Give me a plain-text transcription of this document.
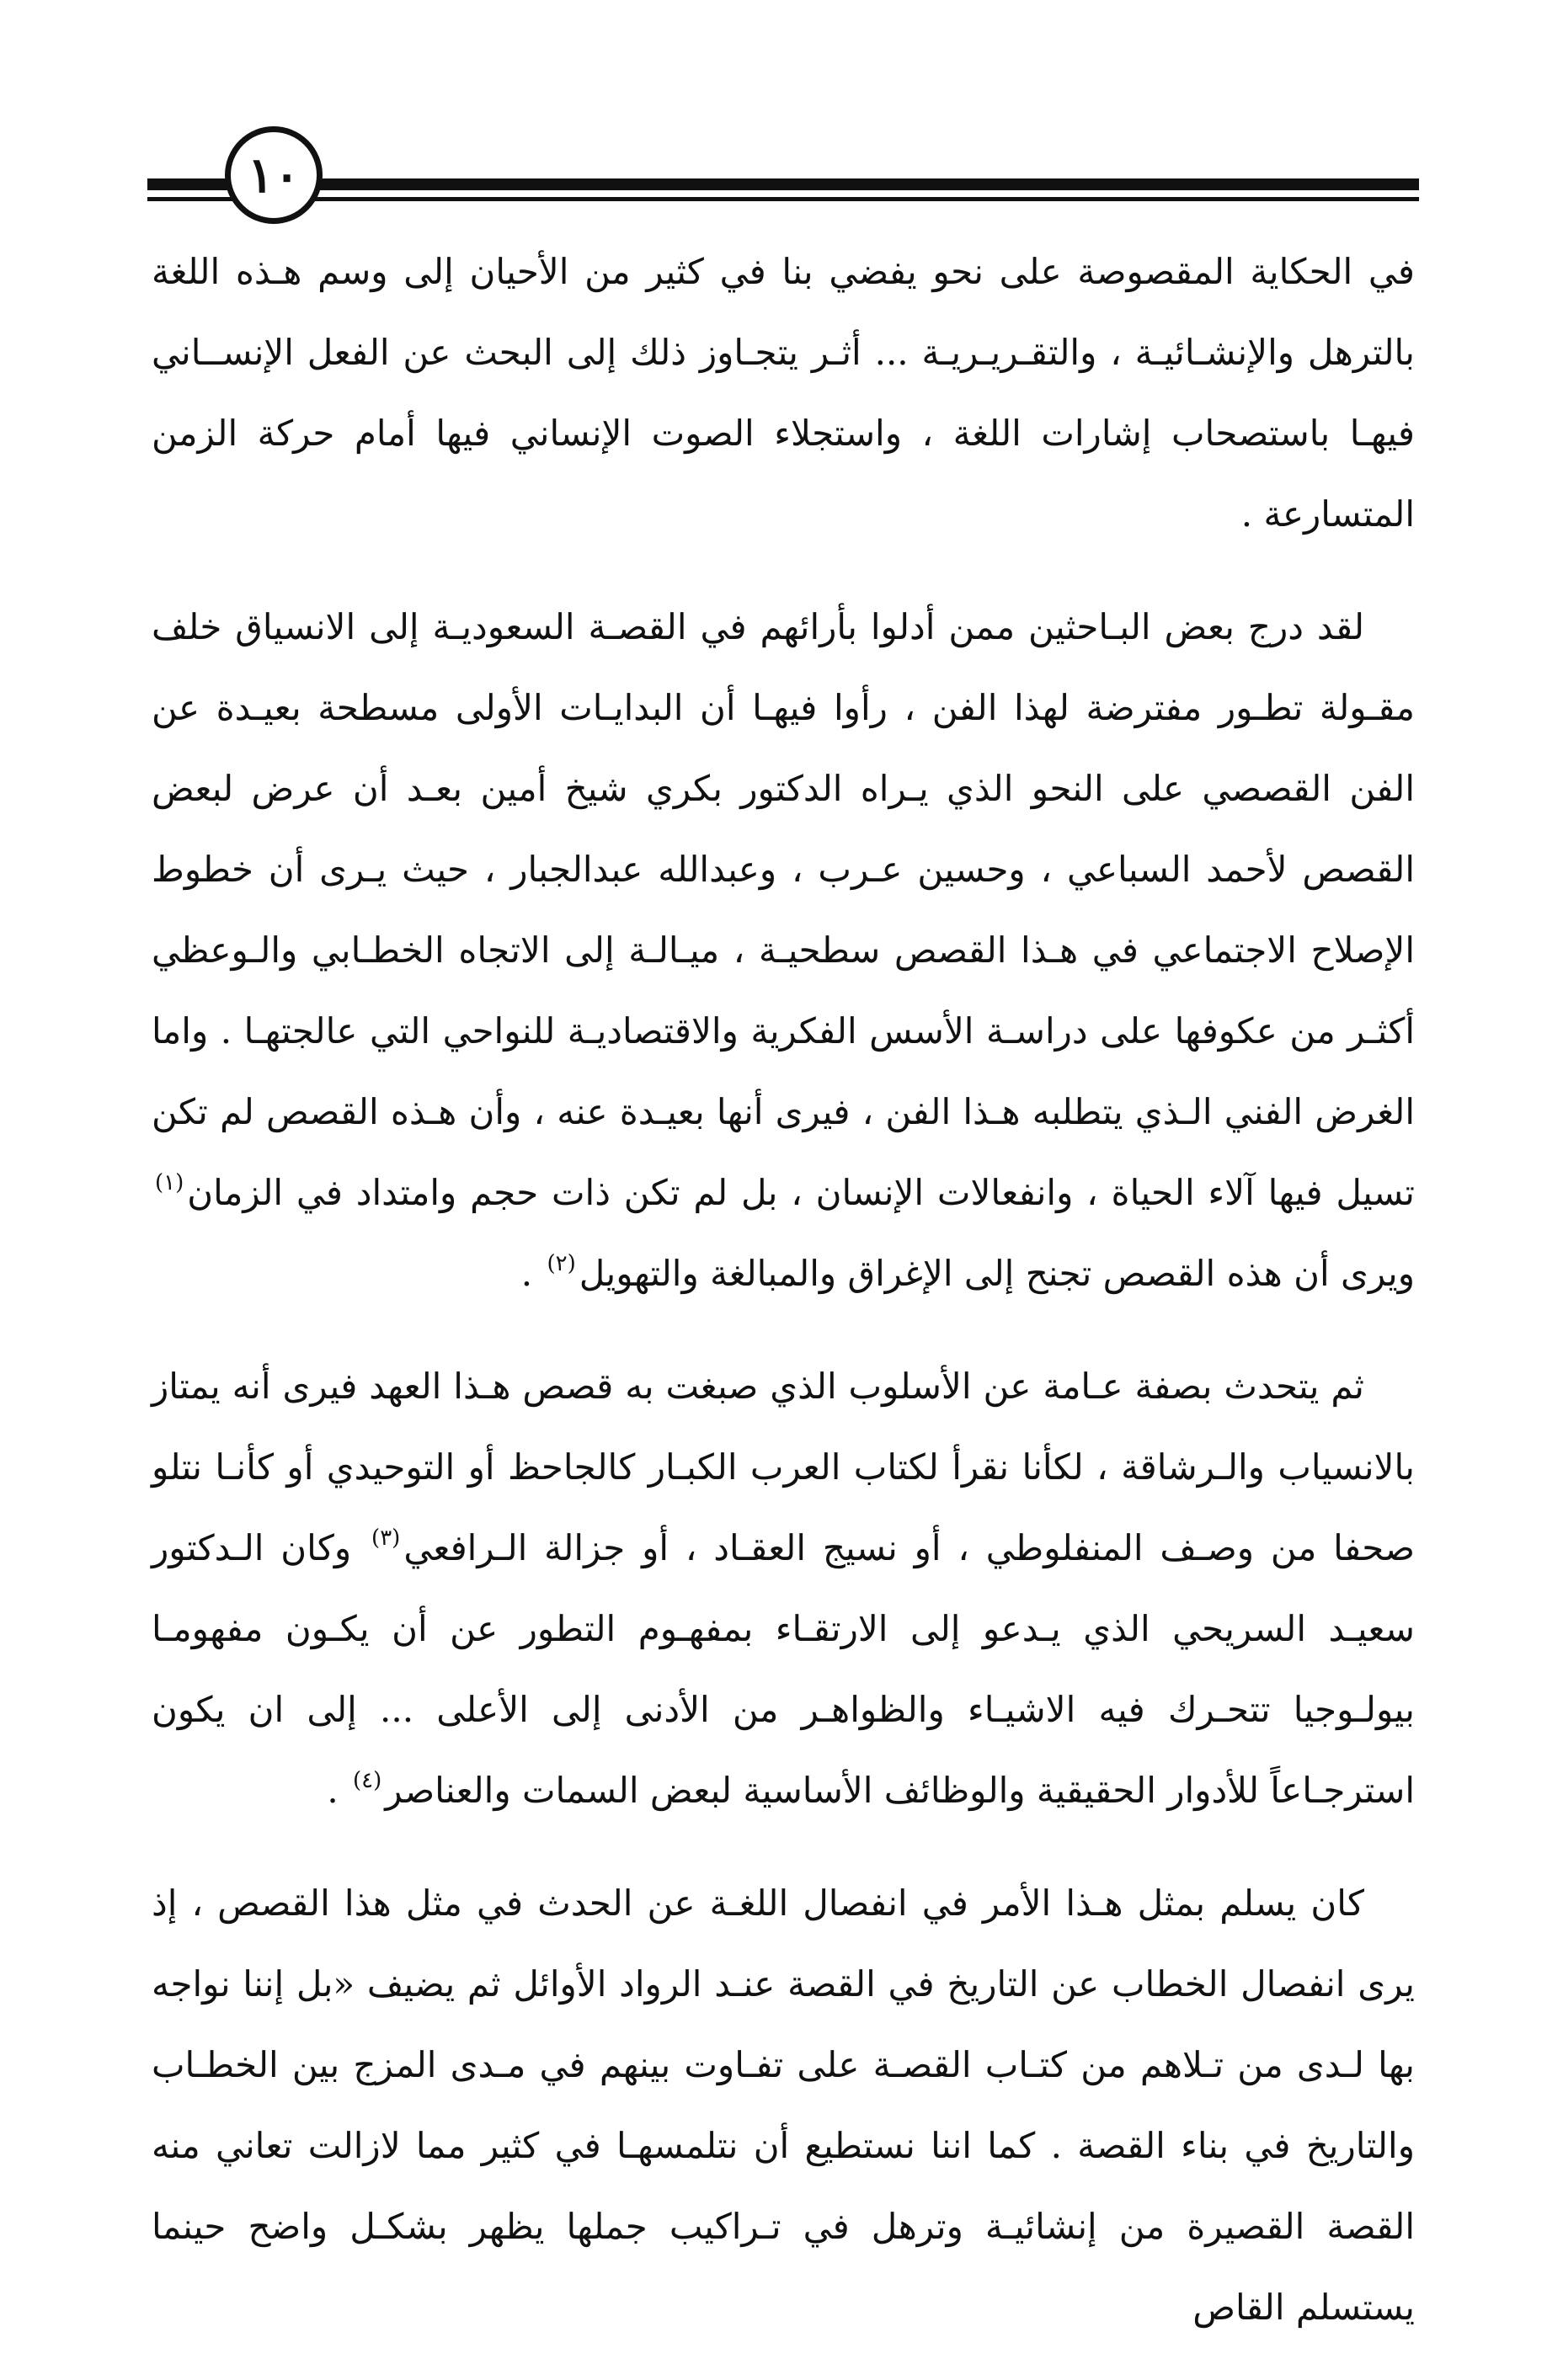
١٠

في الحكاية المقصوصة على نحو يفضي بنا في كثير من الأحيان إلى وسم هـذه اللغة بالترهل والإنشـائيـة ، والتقـريـريـة ... أثـر يتجـاوز ذلك إلى البحث عن الفعل الإنســاني فيهـا باستصحاب إشارات اللغة ، واستجلاء الصوت الإنساني فيها أمام حركة الزمن المتسارعة .

لقد درج بعض البـاحثين ممن أدلوا بأرائهم في القصـة السعوديـة إلى الانسياق خلف مقـولة تطـور مفترضة لهذا الفن ، رأوا فيهـا أن البدايـات الأولى مسطحة بعيـدة عن الفن القصصي على النحو الذي يـراه الدكتور بكري شيخ أمين بعـد أن عرض لبعض القصص لأحمد السباعي ، وحسين عـرب ، وعبدالله عبدالجبار ، حيث يـرى أن خطوط الإصلاح الاجتماعي في هـذا القصص سطحيـة ، ميـالـة إلى الاتجاه الخطـابي والـوعظي أكثـر من عكوفها على دراسـة الأسس الفكرية والاقتصاديـة للنواحي التي عالجتهـا . واما الغرض الفني الـذي يتطلبه هـذا الفن ، فيرى أنها بعيـدة عنه ، وأن هـذه القصص لم تكن تسيل فيها آلاء الحياة ، وانفعالات الإنسان ، بل لم تكن ذات حجم وامتداد في الزمان$^{(١)}$ ويرى أن هذه القصص تجنح إلى الإغراق والمبالغة والتهويل$^{(٢)}$ .

ثم يتحدث بصفة عـامة عن الأسلوب الذي صبغت به قصص هـذا العهد فيرى أنه يمتاز بالانسياب والـرشاقة ، لكأنا نقرأ لكتاب العرب الكبـار كالجاحظ أو التوحيدي أو كأنـا نتلو صحفا من وصـف المنفلوطي ، أو نسيج العقـاد ، أو جزالة الـرافعي$^{(٣)}$ وكان الـدكتور سعيـد السريحي الذي يـدعو إلى الارتقـاء بمفهـوم التطور عن أن يكـون مفهومـا بيولـوجيا تتحـرك فيه الاشيـاء والظواهـر من الأدنى إلى الأعلى ... إلى ان يكون استرجـاعاً للأدوار الحقيقية والوظائف الأساسية لبعض السمات والعناصر$^{(٤)}$ .

كان يسلم بمثل هـذا الأمر في انفصال اللغـة عن الحدث في مثل هذا القصص ، إذ يرى انفصال الخطاب عن التاريخ في القصة عنـد الرواد الأوائل ثم يضيف «بل إننا نواجه بها لـدى من تـلاهم من كتـاب القصـة على تفـاوت بينهم في مـدى المزج بين الخطـاب والتاريخ في بناء القصة . كما اننا نستطيع أن نتلمسهـا في كثير مما لازالت تعاني منه القصة القصيرة من إنشائيـة وترهل في تـراكيب جملها يظهر بشكـل واضح حينما يستسلم القاص
